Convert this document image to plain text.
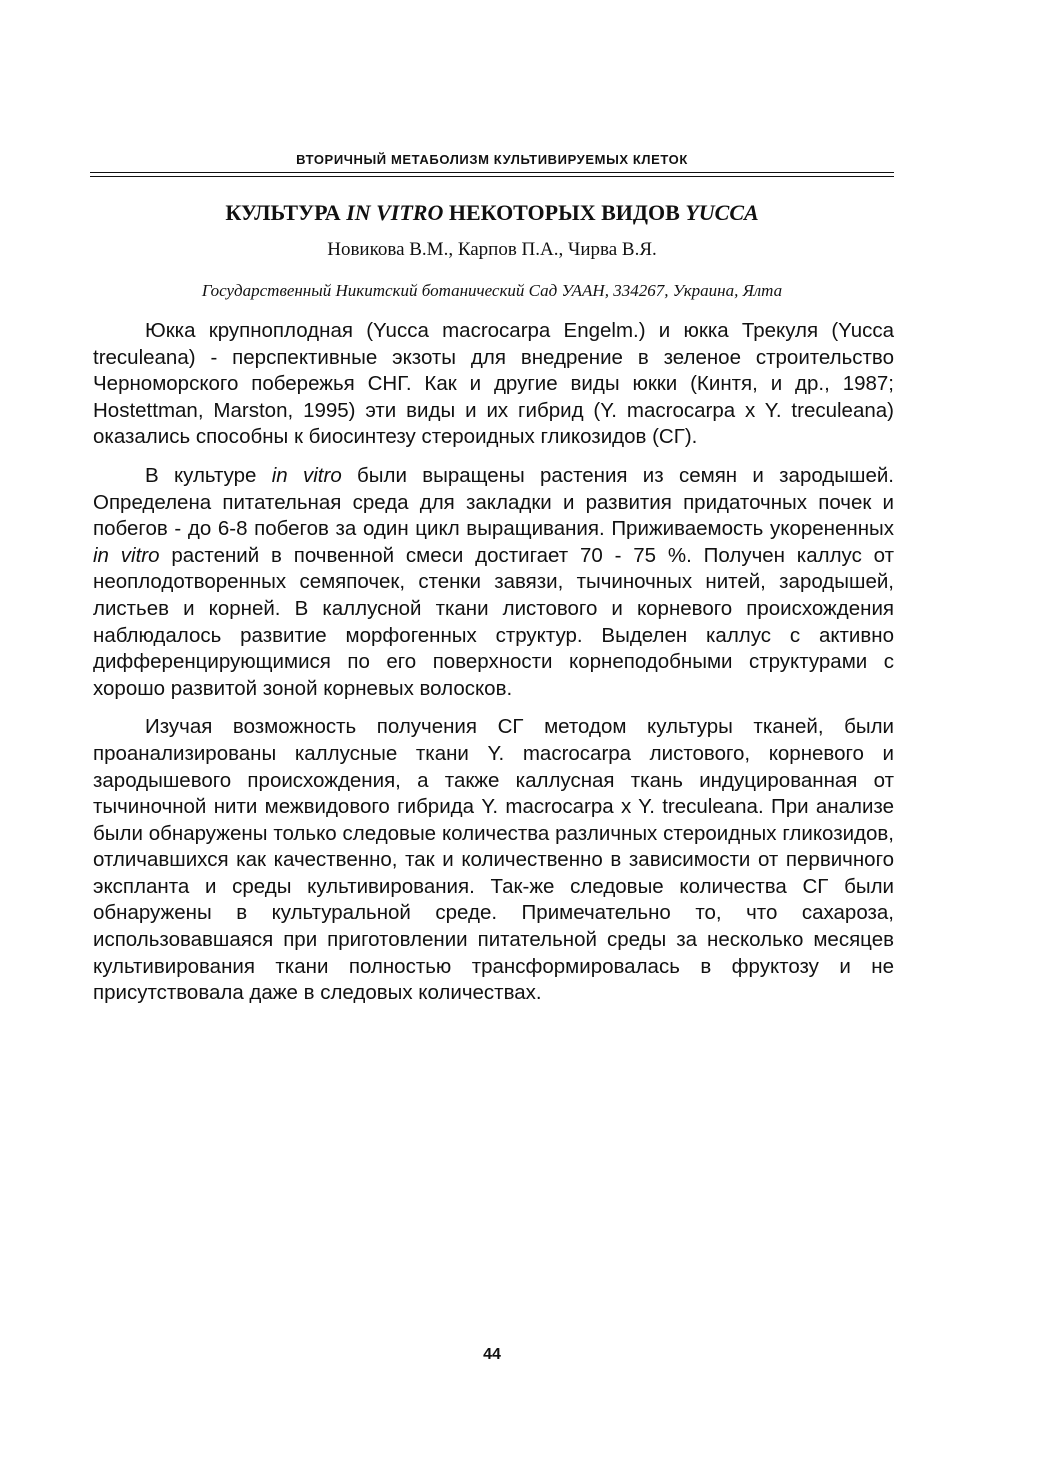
ВТОРИЧНЫЙ МЕТАБОЛИЗМ КУЛЬТИВИРУЕМЫХ КЛЕТОК
КУЛЬТУРА IN VITRO НЕКОТОРЫХ ВИДОВ YUCCA
Новикова В.М., Карпов П.А., Чирва В.Я.
Государственный Никитский ботанический Сад УААН, 334267, Украина, Ялта

Юкка крупноплодная (Yucca macrocarpa Engelm.) и юкка Трекуля (Yucca treculeana) - перспективные экзоты для внедрение в зеленое строительство Черноморского побережья СНГ. Как и другие виды юкки (Кинтя, и др., 1987; Hostettman, Marston, 1995) эти виды и их гибрид (Y. macrocarpa x Y. treculeana) оказались способны к биосинтезу стероидных гликозидов (СГ).

В культуре in vitro были выращены растения из семян и зародышей. Определена питательная среда для закладки и развития придаточных почек и побегов - до 6-8 побегов за один цикл выращивания. Приживаемость укорененных in vitro растений в почвенной смеси достигает 70 - 75 %. Получен каллус от неоплодотворенных семяпочек, стенки завязи, тычиночных нитей, зародышей, листьев и корней. В каллусной ткани листового и корневого происхождения наблюдалось развитие морфогенных структур. Выделен каллус с активно дифференцирующимися по его поверхности корнеподобными структурами с хорошо развитой зоной корневых волосков.

Изучая возможность получения СГ методом культуры тканей, были проанализированы каллусные ткани Y. macrocarpa листового, корневого и зародышевого происхождения, а также каллусная ткань индуцированная от тычиночной нити межвидового гибрида Y. macrocarpa x Y. treculeana. При анализе были обнаружены только следовые количества различных стероидных гликозидов, отличавшихся как качественно, так и количественно в зависимости от первичного экспланта и среды культивирования. Так-же следовые количества СГ были обнаружены в культуральной среде. Примечательно то, что сахароза, использовавшаяся при приготовлении питательной среды за несколько месяцев культивирования ткани полностью трансформировалась в фруктозу и не присутствовала даже в следовых количествах.

44
